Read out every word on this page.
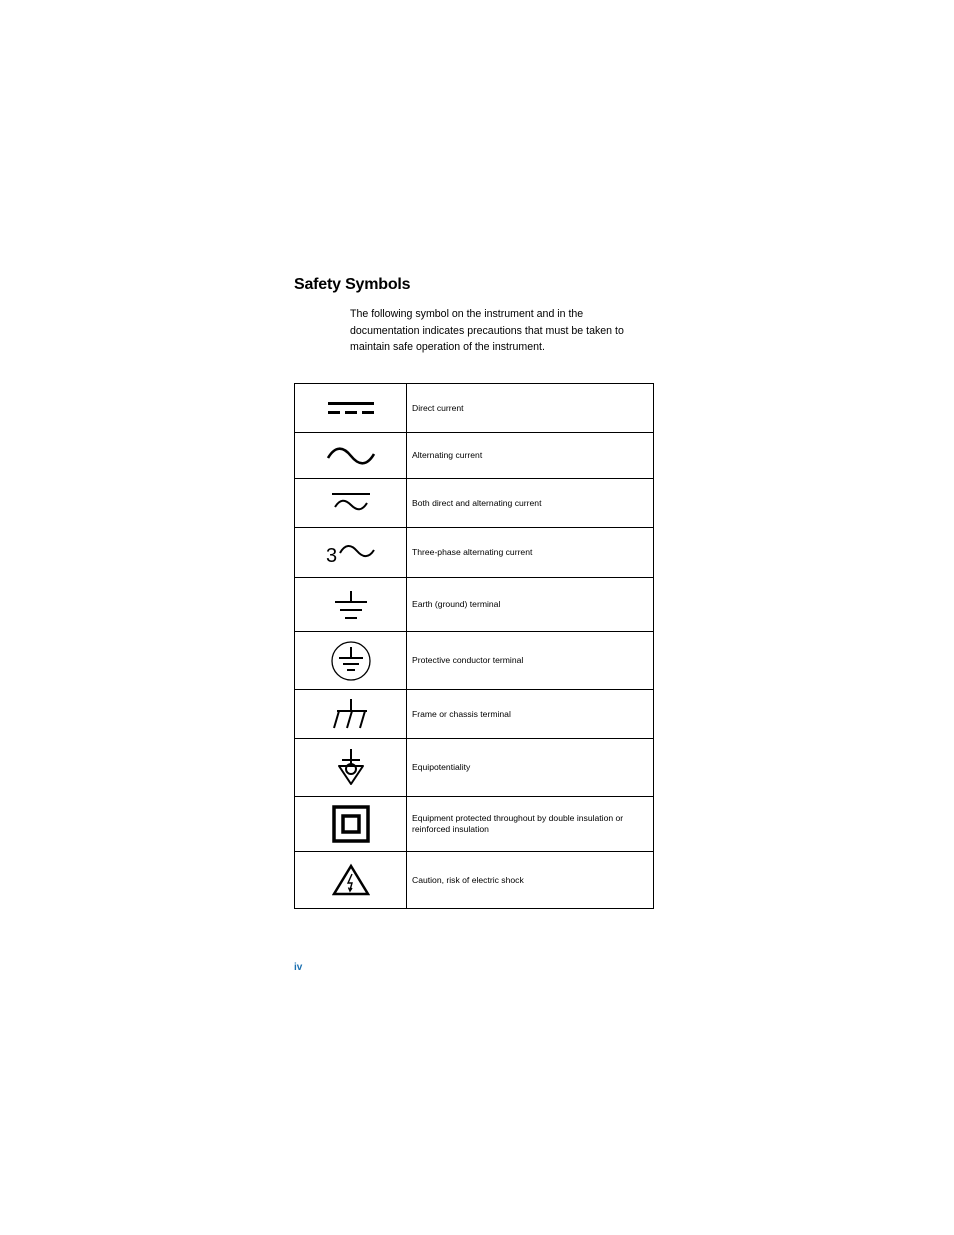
Safety Symbols

The following symbol on the instrument and in the documentation indicates precautions that must be taken to maintain safe operation of the instrument.

	Direct current

	Alternating current

	Both direct and alternating current

3	Three-phase alternating current

	Earth (ground) terminal

	Protective conductor terminal

	Frame or chassis terminal

	Equipotentiality

	Equipment protected throughout by double insulation or reinforced insulation

	Caution, risk of electric shock

iv
